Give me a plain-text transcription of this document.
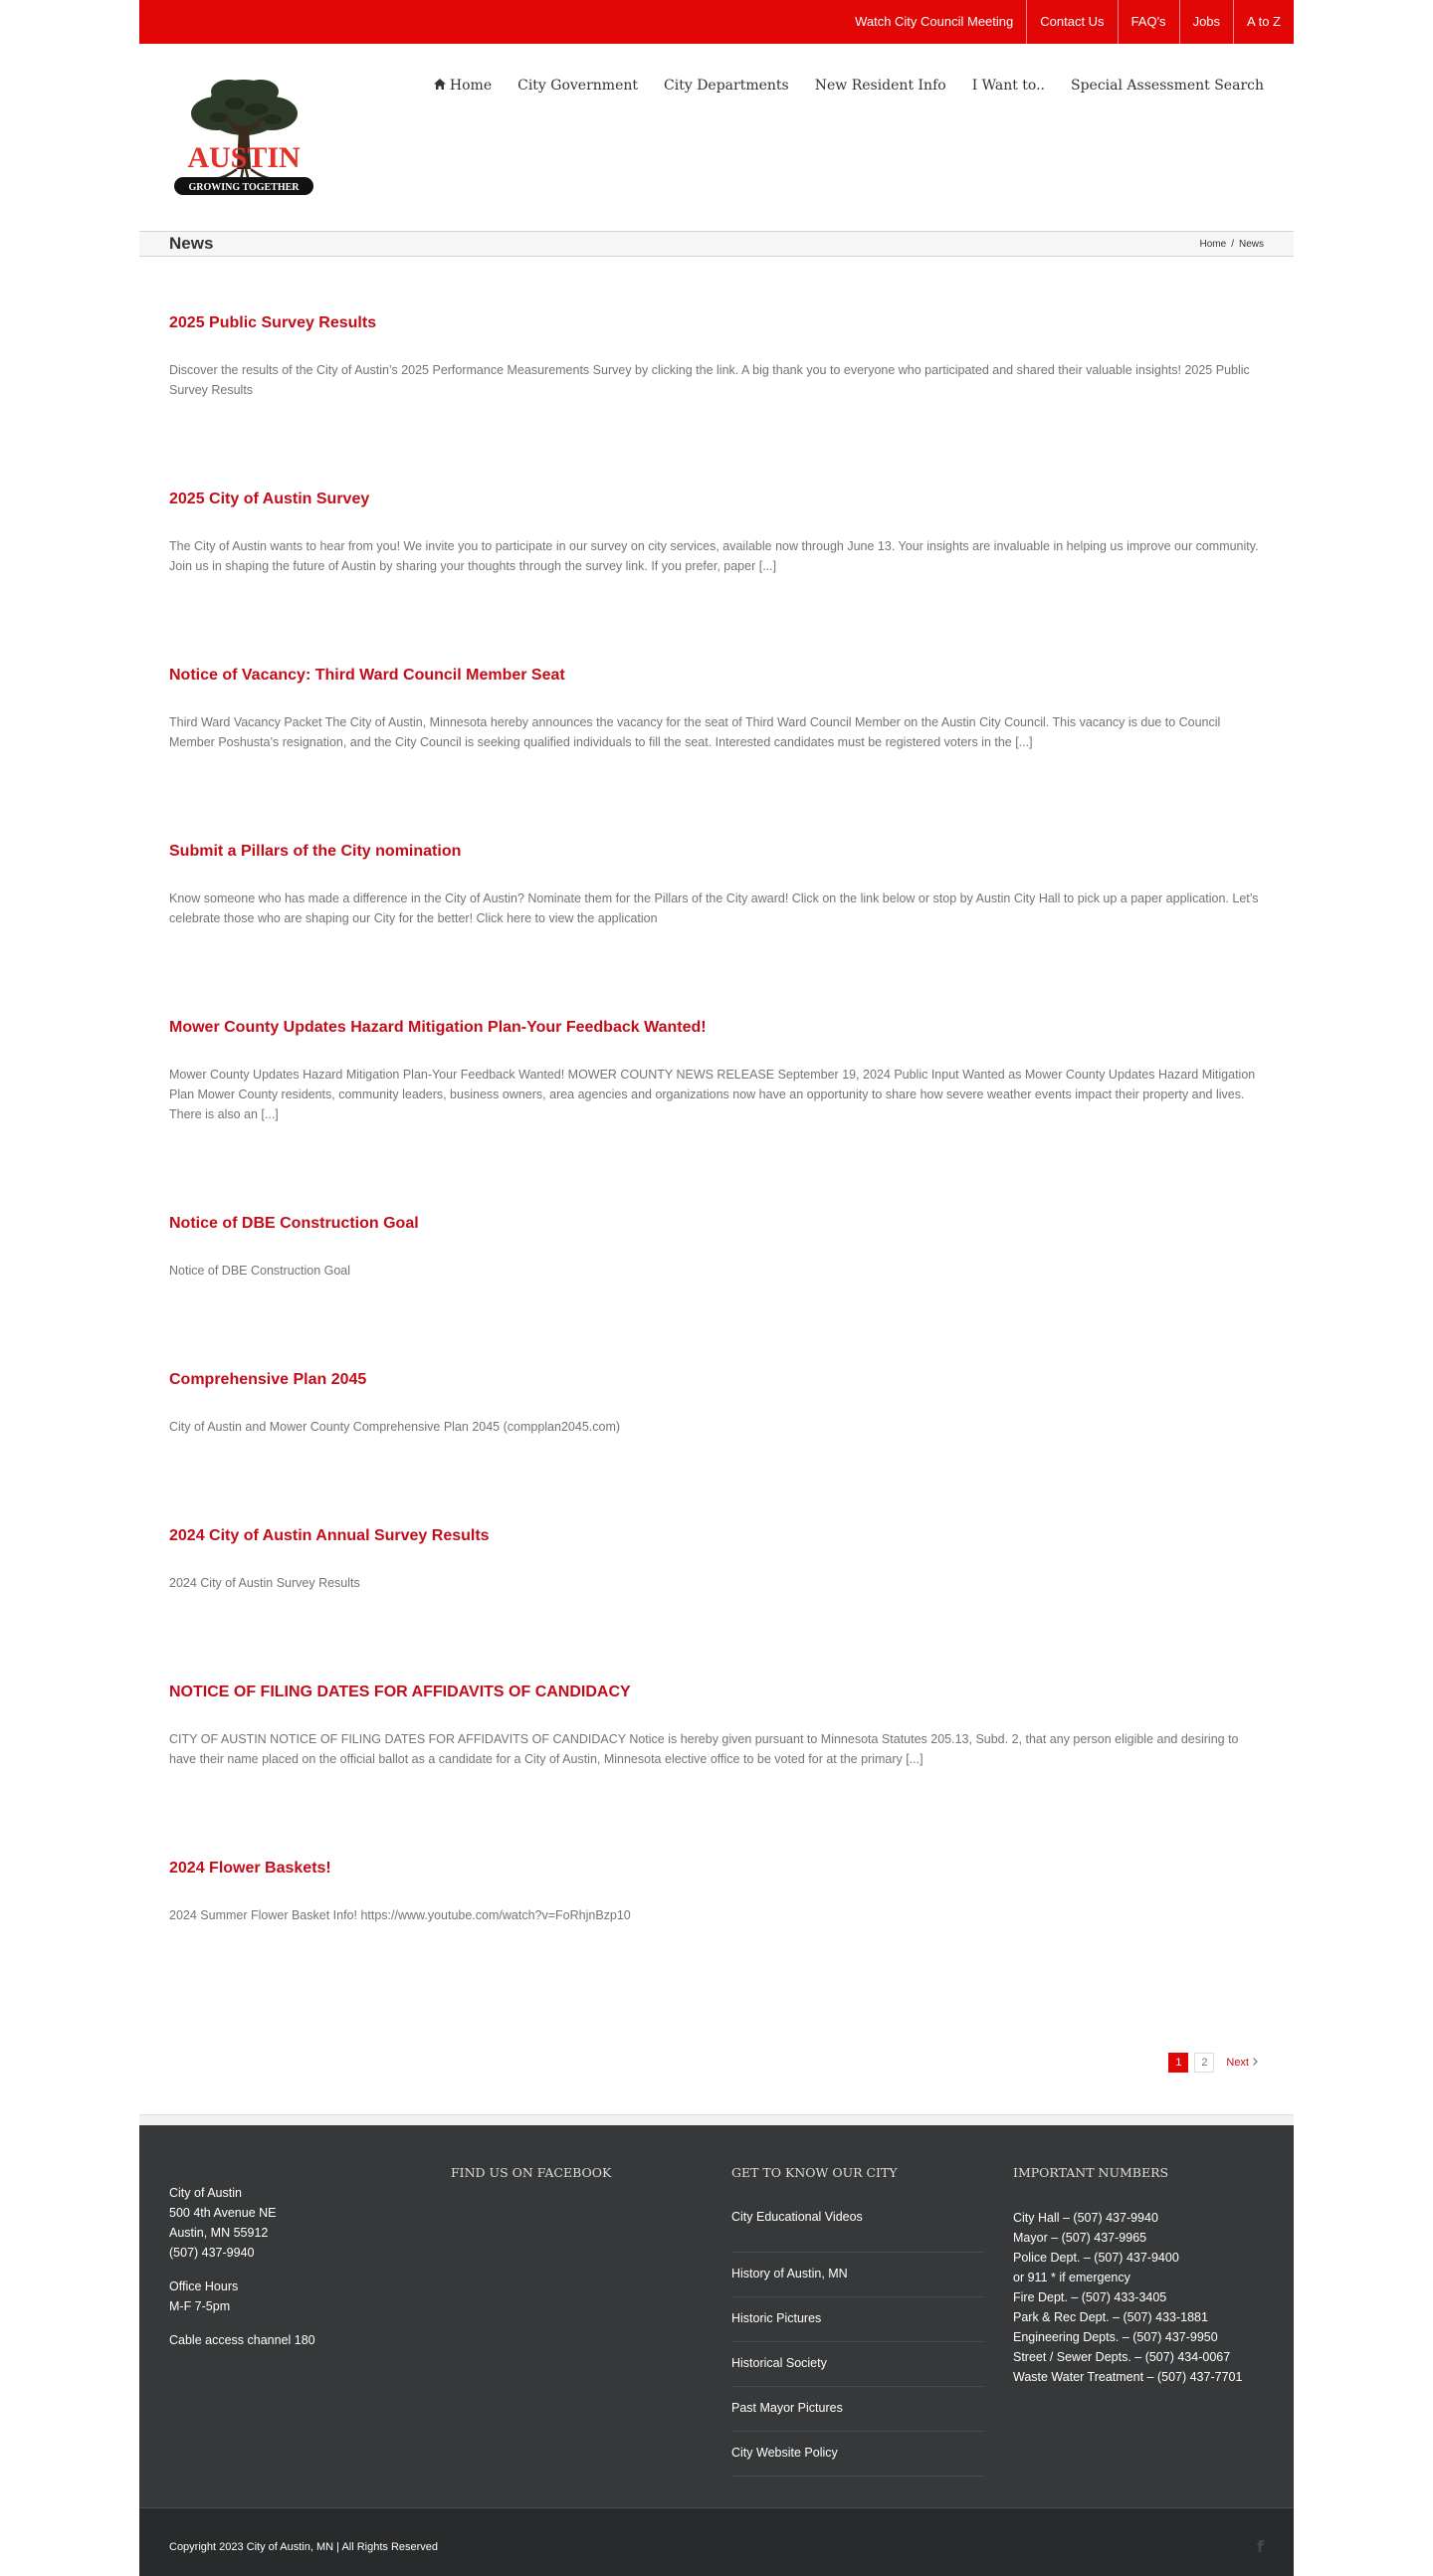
Watch City Council Meeting	Contact Us	FAQ's	Jobs	A to Z
AUSTIN
GROWING TOGETHER
Home City Government City Departments New Resident Info I Want to.. Special Assessment Search
News	Home / News
2025 Public Survey Results

Discover the results of the City of Austin’s 2025 Performance Measurements Survey by clicking the link. A big thank you to everyone who participated and shared their valuable insights! 2025 Public Survey Results

2025 City of Austin Survey

The City of Austin wants to hear from you! We invite you to participate in our survey on city services, available now through June 13. Your insights are invaluable in helping us improve our community. Join us in shaping the future of Austin by sharing your thoughts through the survey link. If you prefer, paper [...]

Notice of Vacancy: Third Ward Council Member Seat

Third Ward Vacancy Packet The City of Austin, Minnesota hereby announces the vacancy for the seat of Third Ward Council Member on the Austin City Council. This vacancy is due to Council Member Poshusta’s resignation, and the City Council is seeking qualified individuals to fill the seat. Interested candidates must be registered voters in the [...]

Submit a Pillars of the City nomination

Know someone who has made a difference in the City of Austin? Nominate them for the Pillars of the City award! Click on the link below or stop by Austin City Hall to pick up a paper application. Let’s celebrate those who are shaping our City for the better! Click here to view the application

Mower County Updates Hazard Mitigation Plan-Your Feedback Wanted!

Mower County Updates Hazard Mitigation Plan-Your Feedback Wanted! MOWER COUNTY NEWS RELEASE September 19, 2024 Public Input Wanted as Mower County Updates Hazard Mitigation Plan Mower County residents, community leaders, business owners, area agencies and organizations now have an opportunity to share how severe weather events impact their property and lives. There is also an [...]

Notice of DBE Construction Goal

Notice of DBE Construction Goal

Comprehensive Plan 2045

City of Austin and Mower County Comprehensive Plan 2045 (compplan2045.com)

2024 City of Austin Annual Survey Results

2024 City of Austin Survey Results

NOTICE OF FILING DATES FOR AFFIDAVITS OF CANDIDACY

CITY OF AUSTIN NOTICE OF FILING DATES FOR AFFIDAVITS OF CANDIDACY Notice is hereby given pursuant to Minnesota Statutes 205.13, Subd. 2, that any person eligible and desiring to have their name placed on the official ballot as a candidate for a City of Austin, Minnesota elective office to be voted for at the primary [...]

2024 Flower Baskets!

2024 Summer Flower Basket Info! https://www.youtube.com/watch?v=FoRhjnBzp10

1	2	Next
City of Austin
500 4th Avenue NE
Austin, MN 55912
(507) 437-9940
Office Hours
M-F 7-5pm
Cable access channel 180
FIND US ON FACEBOOK	GET TO KNOW OUR CITY
City Educational Videos
History of Austin, MN
Historic Pictures
Historical Society
Past Mayor Pictures
City Website Policy
IMPORTANT NUMBERS
City Hall – (507) 437-9940
Mayor – (507) 437-9965
Police Dept. – (507) 437-9400
or 911 * if emergency
Fire Dept. – (507) 433-3405
Park & Rec Dept. – (507) 433-1881
Engineering Depts. – (507) 437-9950
Street / Sewer Depts. – (507) 434-0067
Waste Water Treatment – (507) 437-7701
Copyright 2023 City of Austin, MN | All Rights Reserved	f
